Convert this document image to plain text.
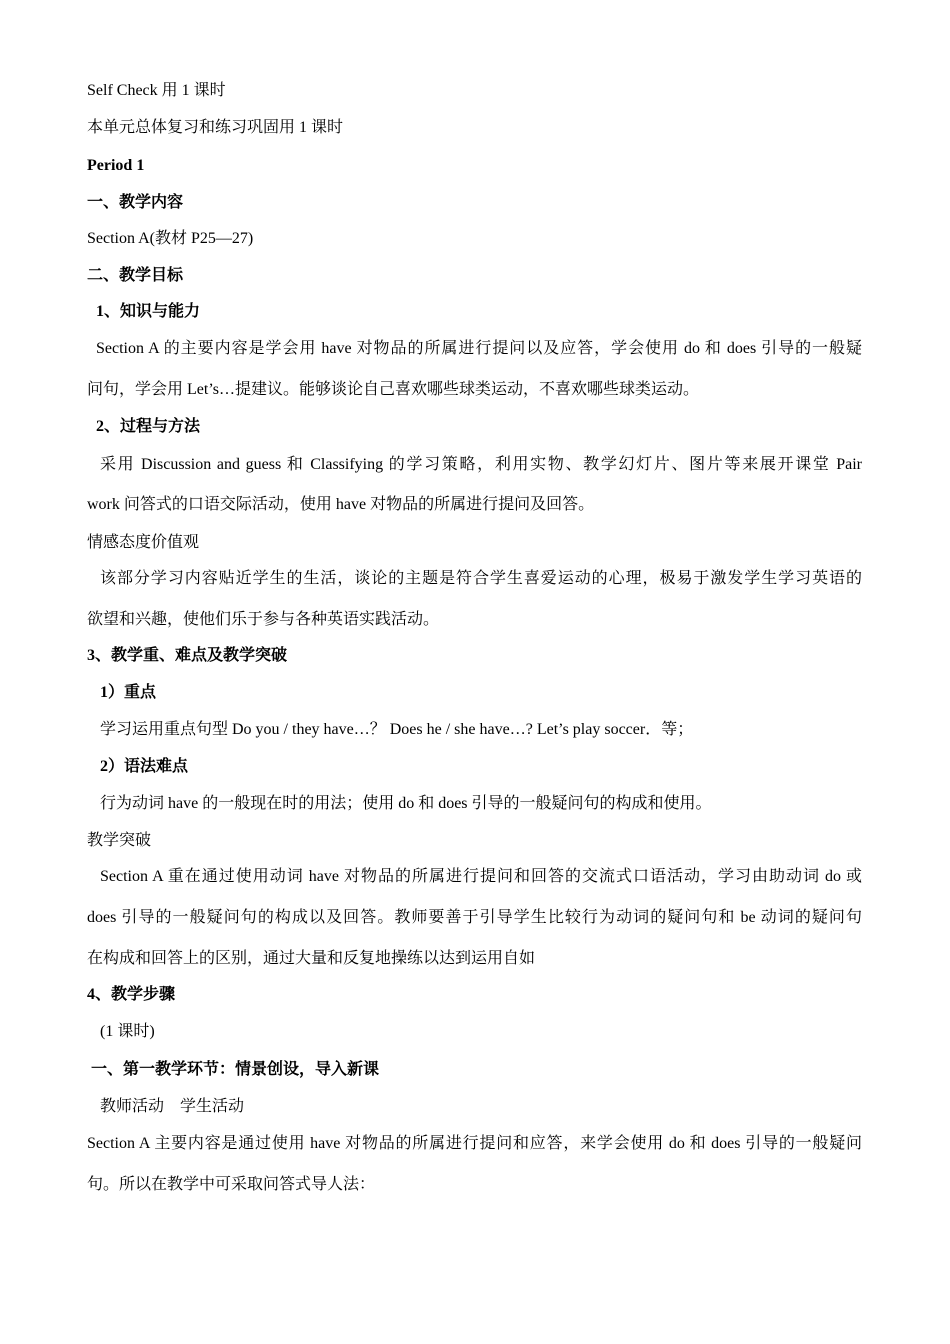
Self Check 用 1 课时
本单元总体复习和练习巩固用 1 课时
Period 1
一、教学内容
Section A(教材 P25—27)
二、教学目标
1、知识与能力
Section A 的主要内容是学会用 have 对物品的所属进行提问以及应答，学会使用 do 和 does 引导的一般疑
问句，学会用 Let’s…提建议。能够谈论自己喜欢哪些球类运动，不喜欢哪些球类运动。
2、过程与方法
采用 Discussion and guess 和 Classifying 的学习策略，利用实物、教学幻灯片、图片等来展开课堂 Pair
work 问答式的口语交际活动，使用 have 对物品的所属进行提问及回答。
情感态度价值观
该部分学习内容贴近学生的生活，谈论的主题是符合学生喜爱运动的心理，极易于激发学生学习英语的
欲望和兴趣，使他们乐于参与各种英语实践活动。
3、教学重、难点及教学突破
1）重点
学习运用重点句型 Do you / they have…？ Does he / she have…? Let’s play soccer．等；
2）语法难点
行为动词 have 的一般现在时的用法；使用 do 和 does 引导的一般疑问句的构成和使用。
教学突破
Section A 重在通过使用动词 have 对物品的所属进行提问和回答的交流式口语活动，学习由助动词 do 或
does 引导的一般疑问句的构成以及回答。教师要善于引导学生比较行为动词的疑问句和 be 动词的疑问句
在构成和回答上的区别，通过大量和反复地操练以达到运用自如
4、教学步骤
(1 课时)
一、第一教学环节：情景创设，导入新课
教师活动　学生活动
Section A 主要内容是通过使用 have 对物品的所属进行提问和应答，来学会使用 do 和 does 引导的一般疑问
句。所以在教学中可采取问答式导人法：
